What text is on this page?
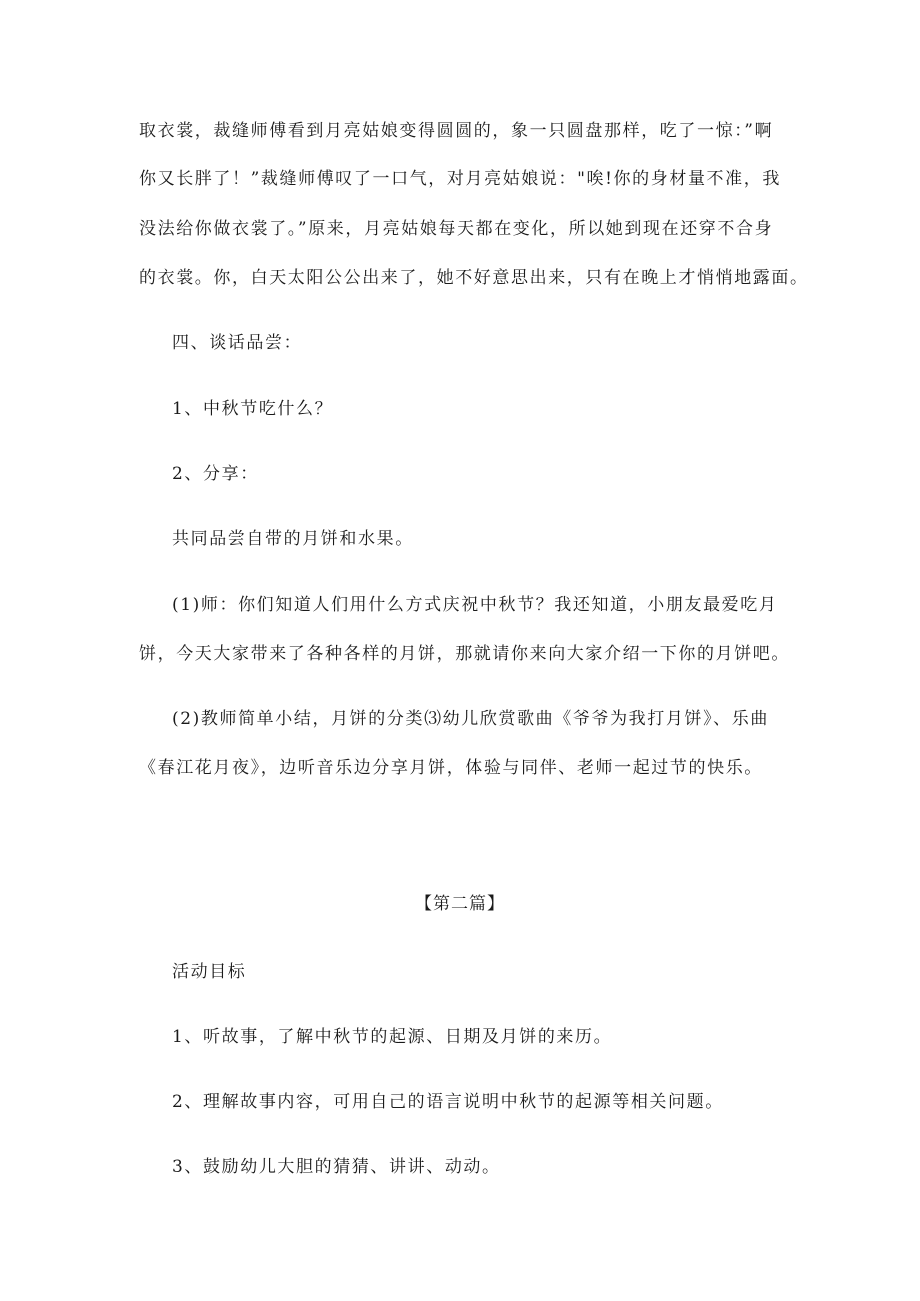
取衣裳，裁缝师傅看到月亮姑娘变得圆圆的，象一只圆盘那样，吃了一惊：”啊
你又长胖了！”裁缝师傅叹了一口气，对月亮姑娘说："唉!你的身材量不准，我
没法给你做衣裳了。”原来，月亮姑娘每天都在变化，所以她到现在还穿不合身
的衣裳。你，白天太阳公公出来了，她不好意思出来，只有在晚上才悄悄地露面。
四、谈话品尝：
1、中秋节吃什么？
2、分享：
共同品尝自带的月饼和水果。
(1)师：你们知道人们用什么方式庆祝中秋节？我还知道，小朋友最爱吃月
饼，今天大家带来了各种各样的月饼，那就请你来向大家介绍一下你的月饼吧。
(2)教师简单小结，月饼的分类⑶幼儿欣赏歌曲《爷爷为我打月饼》、乐曲
《春江花月夜》，边听音乐边分享月饼，体验与同伴、老师一起过节的快乐。
【第二篇】
活动目标
1、听故事，了解中秋节的起源、日期及月饼的来历。
2、理解故事内容，可用自己的语言说明中秋节的起源等相关问题。
3、鼓励幼儿大胆的猜猜、讲讲、动动。
